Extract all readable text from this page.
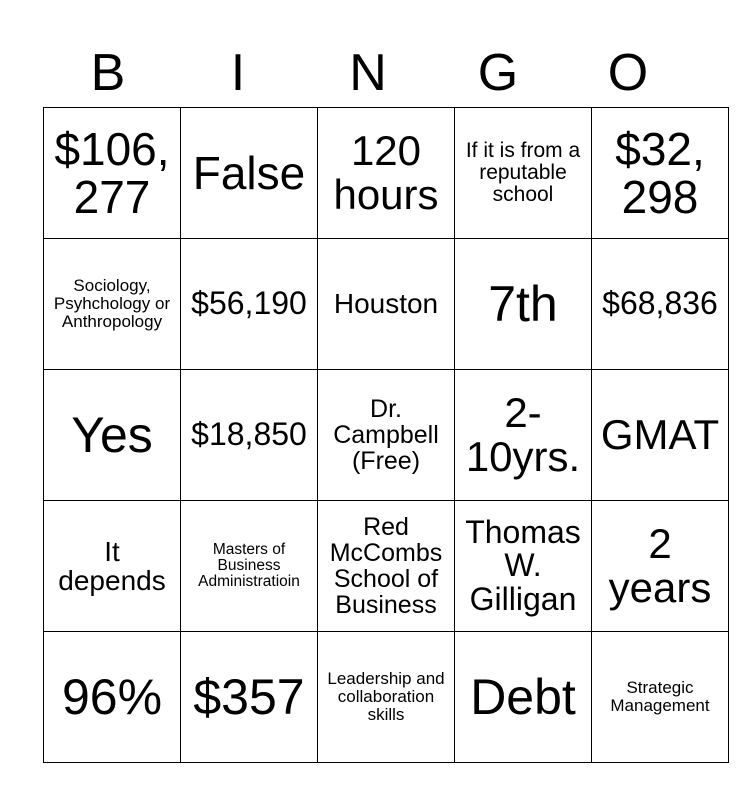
B	I	N	G	O
$106, 277	False	120 hours	If it is from a reputable school	$32, 298
Sociology, Psyhchology or Anthropology	$56,190	Houston	7th	$68,836
Yes	$18,850	Dr. Campbell (Free)	2- 10yrs.	GMAT
It depends	Masters of Business Administratioin	Red McCombs School of Business	Thomas W. Gilligan	2 years
96%	$357	Leadership and collaboration skills	Debt	Strategic Management
